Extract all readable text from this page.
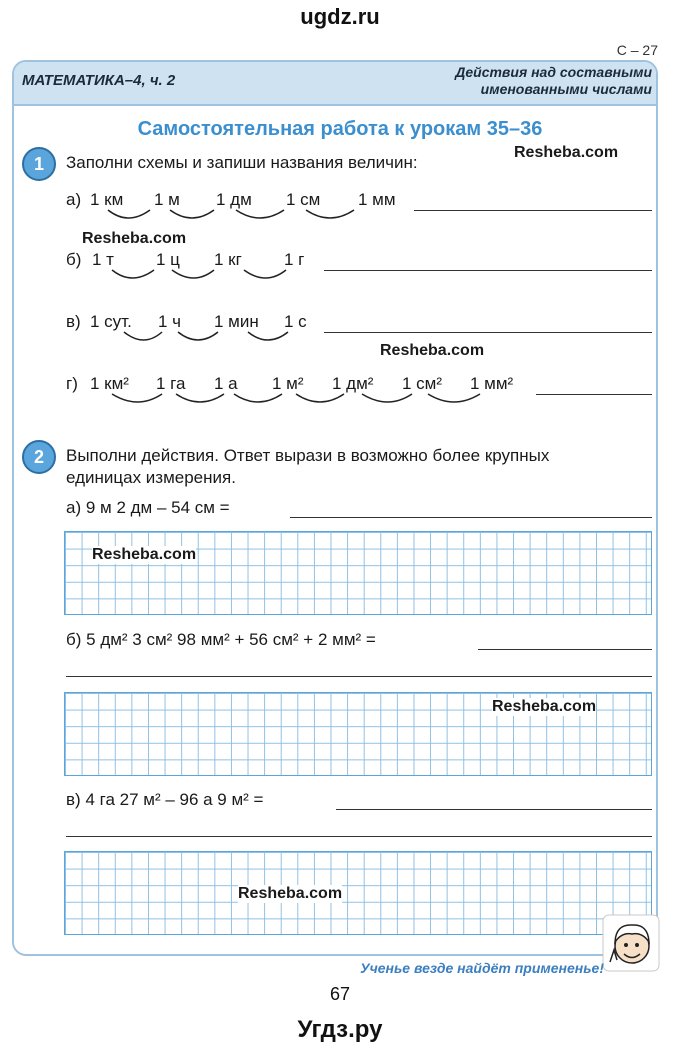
ugdz.ru
С – 27
МАТЕМАТИКА–4, ч. 2	Действия над составными
именованными числами
Самостоятельная работа к урокам 35–36
1	Заполни схемы и запиши названия величин:
Resheba.com
а) 1 км 1 м 1 дм 1 см 1 мм
Resheba.com
б) 1 т 1 ц 1 кг 1 г
в) 1 сут. 1 ч 1 мин 1 с
Resheba.com
г) 1 км² 1 га 1 а 1 м² 1 дм² 1 см² 1 мм²
2	Выполни действия. Ответ вырази в возможно более крупных
единицах измерения.
а) 9 м 2 дм – 54 см =
Resheba.com
б) 5 дм² 3 см² 98 мм² + 56 см² + 2 мм² =
Resheba.com
в) 4 га 27 м² – 96 а 9 м² =
Resheba.com
Ученье везде найдёт примененье!
67
Угдз.ру
